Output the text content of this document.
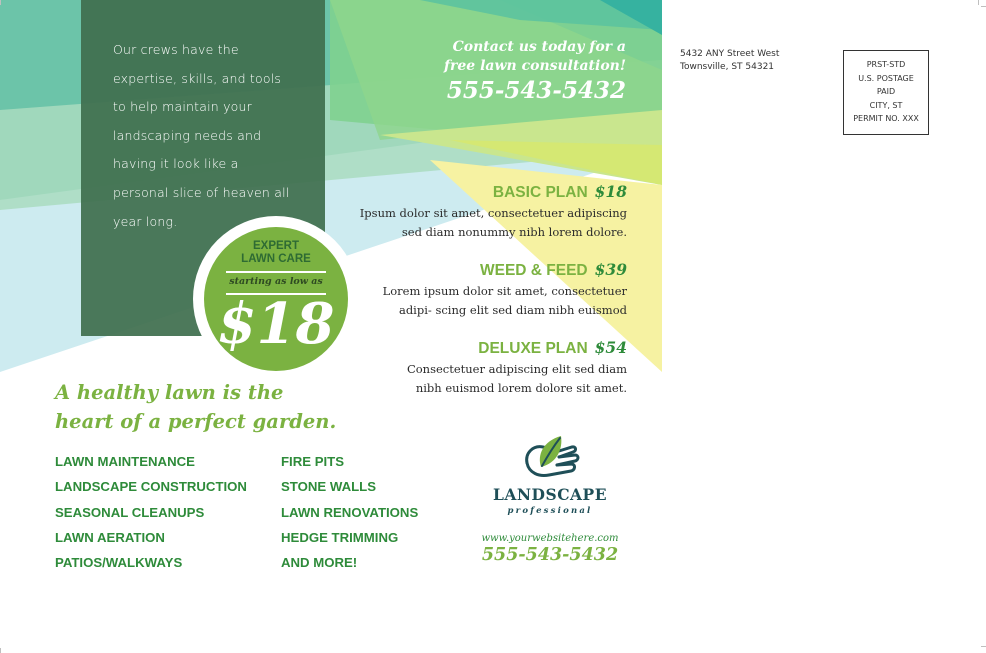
Our crews have the
expertise, skills, and tools
to help maintain your
landscaping needs and
having it look like a
personal slice of heaven all
year long.
EXPERT
LAWN CARE
starting as low as
$18
Contact us today for a
free lawn consultation!
555-543-5432
BASIC PLAN $18
Ipsum dolor sit amet, consectetuer adipiscing
sed diam nonummy nibh lorem dolore.
WEED & FEED $39
Lorem ipsum dolor sit amet, consectetuer
adipi- scing elit sed diam nibh euismod
DELUXE PLAN $54
Consectetuer adipiscing elit sed diam
nibh euismod lorem dolore sit amet.
A healthy lawn is the
heart of a perfect garden.
LAWN MAINTENANCE
LANDSCAPE CONSTRUCTION
SEASONAL CLEANUPS
LAWN AERATION
PATIOS/WALKWAYS
FIRE PITS
STONE WALLS
LAWN RENOVATIONS
HEDGE TRIMMING
AND MORE!
LANDSCAPE
professional
www.yourwebsitehere.com
555-543-5432
5432 ANY Street West
Townsville, ST 54321	PRST-STD
U.S. POSTAGE
PAID
CITY, ST
PERMIT NO. XXX
